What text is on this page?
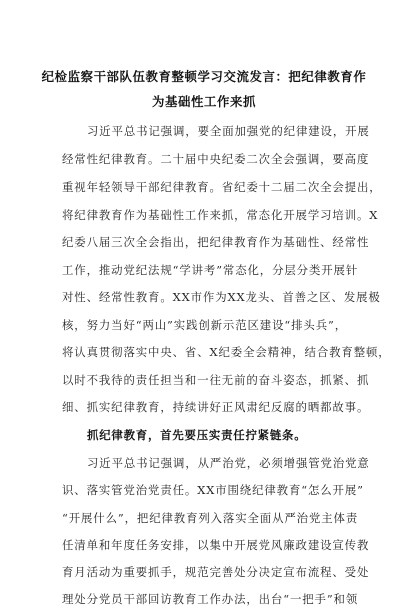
纪检监察干部队伍教育整顿学习交流发言：把纪律教育作
为基础性工作来抓
习近平总书记强调，要全面加强党的纪律建设，开展
经常性纪律教育。二十届中央纪委二次全会强调，要高度
重视年轻领导干部纪律教育。省纪委十二届二次全会提出，
将纪律教育作为基础性工作来抓，常态化开展学习培训。X
纪委八届三次全会指出，把纪律教育作为基础性、经常性
工作，推动党纪法规“学讲考”常态化，分层分类开展针
对性、经常性教育。XX市作为XX龙头、首善之区、发展极
核，努力当好“两山”实践创新示范区建设“排头兵”，
将认真贯彻落实中央、省、X纪委全会精神，结合教育整顿，
以时不我待的责任担当和一往无前的奋斗姿态，抓紧、抓
细、抓实纪律教育，持续讲好正风肃纪反腐的晒都故事。
抓纪律教育，首先要压实责任拧紧链条。
习近平总书记强调，从严治党，必须增强管党治党意
识、落实管党治党责任。XX市围绕纪律教育“怎么开展”
“开展什么”，把纪律教育列入落实全面从严治党主体责
任清单和年度任务安排，以集中开展党风廉政建设宣传教
育月活动为重要抓手，规范完善处分决定宣布流程、受处
理处分党员干部回访教育工作办法，出台“一把手”和领
